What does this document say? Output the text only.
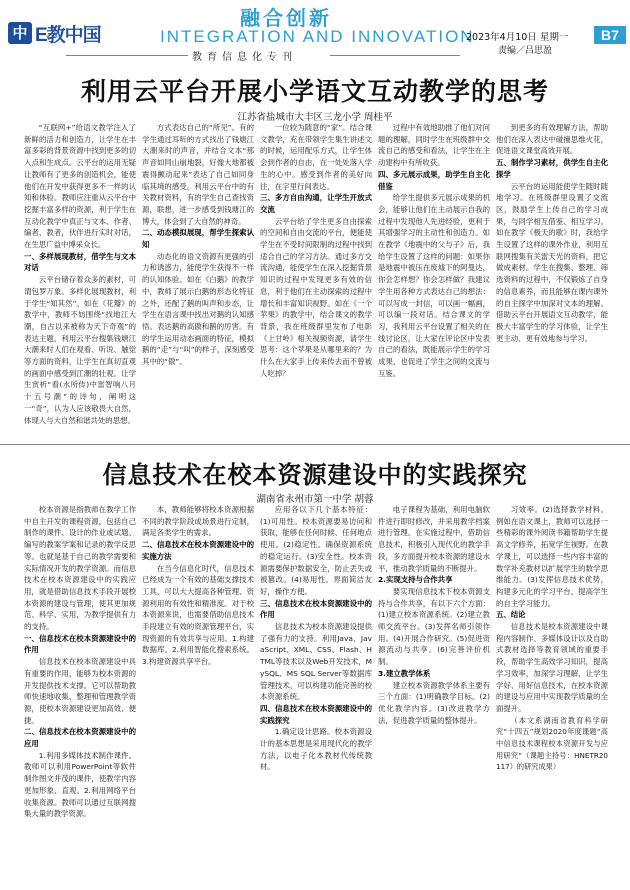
中 E教中国
融合创新
INTEGRATION AND INNOVATION
教育信息化专刊
2023年4月10日 星期一
责编／吕思盈
B7
利用云平台开展小学语文互动教学的思考
江苏省盐城市大丰区三龙小学 周桂平

“互联网+”给语文教学注入了新鲜的活力和创造力，让学生在丰富多彩的背景资源中找到更多的切入点和生成点。云平台的运用无疑让教师有了更多的创造机会，能使他们在开发中获得更多不一样的认知和体验。教师应注重从云平台中挖掘丰富多样的资源，利于学生在互动化教学中真正与文本、作者、编者、教者，伙伴进行实时对话，在生思广益中博采众长。

一、多样展现教材，借学生与文本对话

云平台储存着众多的素材，可谓包罗万象。多样化展现教材，利于学生“知其然”。如在《花瓣》的教学中，教师不妨围绕“找地江大潮，自古以来被称为天下奇观”的表达主题，利用云平台搜集钱塘江大潮来时人们在观看、听说、触觉等方面的资料，让学生在真切直观的画面中感受到江潮的壮观。让学生赏析“看(水所传)中雷智响八月十五号潮”的诗句，阐明这一“奇”，认为人应该敬畏大自然，体现人与大自然和谐共处的思想。

方式表达自己的“所见”。有的学生通过耳听的方式找出了钱塘江大潮来时的声音，并结合文本“那声音如同山崩地裂，好像大地都被震得颤动起来”表达了自己如同身临其境的感受。利用云平台中的有关教材资料，有的学生自己查找资源，联想，进一步感受到钱塘江的博大，体会到了大自然的神奇。

二、动态模拟展现，帮学生探索认知

动态化的语文资源有更强的引力和诱惑力，能使学生获得不一样的认知体验。如在《白鹅》的教学中，教师了展示白鹅的形态化特征之外，还配了鹅的叫声和步态，让学生在语言课中找出对鹅的认知感悟。表达鹅的高傲和鹅的厉害。有的学生运用动态画面的特征，模拟鹅的“走”与“叫”的样子，深刻感受其中的“傲”。

一位较为随意的“家”。结合课文教学，充在带领学生集生讲述文的时候，运用配乐方式，让学生体会到作者的自由，在一处处落入学生的心中。感受到作者的美好向往，在字里行间表达。

三、多方自由沟通，让学生开放式交流

云平台给了学生更多自由探索的空间和自由交流的平台，便能使学生在不受时间限制的过程中找到适合自己的学习方法。通过多方交流沟通，能使学生在深入挖掘背景知识的过程中发现更多有效的信息，利于他们在主动探索的过程中增长和丰富知识视野。如在《一个苹果》的教学中，结合课文的教学背景，我在班级群里发布了电影《上甘岭》相关视频资源，请学生思考：这个苹果是从哪里来的？为什么在大家手上传来传去而不曾被人吃掉？

过程中有效地助推了他们对问题的理解，同时学生在班级群中交流自己的感受和看法，让学生在主动建构中有所收获。

四、多元展示成果，助学生自主化借鉴

给学生提供多元展示成果的机会，能够让他们在主动展示自我的过程中发现他人先进经验，更利于其增强学习的主动性和创造力。如在教学《地震中的父与子》后，我给学生设置了这样的问题：如果你是地震中被压在废墟下的阿曼达，你会怎样想？你会怎样做？我建议学生用各种方式表达自己的想法：可以写成一封信，可以画一幅画，可以编一段对话。结合课文的学习，我利用云平台设置了相关的在线讨论区，让大家在评论区中发表自己的看法，既能展示学生的学习成果，也促进了学生之间的交流与互鉴。

到更多的有效理解方法，帮助他们在深入表达中碰撞思维火花，促进语文课堂高效开展。

五、制作学习素材，供学生自主化探学

云平台的运用能使学生随时随地学习。在班级群里设置了交流区，鼓励学生上传自己的学习成果，与同学相互借鉴、相互学习。如在教学《极天的歌》时，我给学生设置了这样的课外作业，利用互联网搜集有关雷天光的资料，把它做成素材。学生在搜集、整理、筛选资料的过程中，不仅锻炼了自身的信息素养，而且能够在课内课外的自主探学中加深对文本的理解。借助云平台开展语文互动教学，能极大丰富学生的学习体验，让学生更主动、更有效地参与学习。

信息技术在校本资源建设中的实践探究
湖南省永州市第一中学 胡蓉

校本资源是指教师在教学工作中自主开发的课程资源，包括自己制作的课件、设计的作业或试题、编写的教案学案和记录的教学反思等。也就是基于自己的教学需要和实际情况开发的教学资源。而信息技术在校本资源建设中的实践应用，就是借助信息技术手段开展校本资源的建设与管理，使其更加规范、科学、实用，为教学提供有力的支持。

一、信息技术在校本资源建设中的作用

信息技术在校本资源建设中具有重要的作用，能够为校本资源的开发提供技术支撑。它可以帮助教师快速地收集、整理和管理教学资源，使校本资源建设更加高效、便捷。

二、信息技术在校本资源建设中的应用

1.利用多媒体技术制作课件。教师可以利用PowerPoint等软件制作图文并茂的课件，使教学内容更加形象、直观。2.利用网络平台收集资源。教师可以通过互联网搜集大量的教学资源。

本，教师能够将校本资源根据不同的教学阶段或场景进行定制，满足各类学生的需求。

二、信息技术在校本资源建设中的实施方法

在当今信息化时代，信息技术已经成为一个有效的基础支撑技术工具，可以大大提高各种管理、资源利用的有效性和精准度。对于校本资源来说，也需要借助信息技术手段建立有效的资源管理平台，实现资源的有效共享与应用。1.构建数据库。2.利用智能化搜索系统。3.构建资源共享平台。

应用各以下几个基本特征：(1)可用性。校本资源要易访问和获取，能够在任何时候、任何地点使用。(2)稳定性。确保资源系统的稳定运行。(3)安全性。校本资源需要保护数据安全，防止丢失或被篡改。(4)易用性。界面简洁友好，操作方便。

三、信息技术在校本资源建设中的作用

信息技术为校本资源建设提供了强有力的支持。利用Java、JavaScript、XML、CSS、Flash、HTML等技术以及Web开发技术，MySQL、MS SQL Server等数据库管理技术，可以构建功能完善的校本资源系统。

四、信息技术在校本资源建设中的实践探究

1.确定设计思路。校本资源设计的基本思想是采用现代化的教学方法，以电子化本教材代传统教材。

电子课程为基础，利用电脑软件进行即时修改，并采用教学档案进行管理。在实施过程中，借助信息技术，积极引入现代化的教学手段，多方面提升校本资源的建设水平，推动教学质量的不断提升。

2.实现支持与合作共享

要实现信息技术下校本资源支持与合作共享，有以下六个方面：(1)建立校本资源系统。(2)建立教师交流平台。(3)发挥名师引领作用。(4)开展合作研究。(5)促进资源流动与共享。(6)完善评价机制。

3.建立教学体系

建立校本资源教学体系主要有三个方面：(1)明确教学目标。(2)优化教学内容。(3)改进教学方法，促进教学质量的整体提升。

习效率。(2)选择教学材料。例如在语文课上，教师可以选择一些精彩的课外阅读书籍帮助学生提高文学修养，拓宽学生视野。在教学课上，可以选择一些内容丰富的数学补充教材以扩展学生的数学思维能力。(3)发挥信息技术优势，构建多元化的学习平台，提高学生的自主学习能力。

五、结论

信息技术是校本资源建设中课程内容制作、多媒体设计以及自助式教材选择等教育领域的重要手段，帮助学生高效学习知识，提高学习效率，加深学习理解，让学生学好、用好信息技术，在校本资源的建设与应用中实现教学质量的全面提升。

（本文系湖南省教育科学研究“十四五”规划2020年度课题“高中信息技术课程校本资源开发与应用研究”（课题主持号：HNETR20117）的研究成果）
